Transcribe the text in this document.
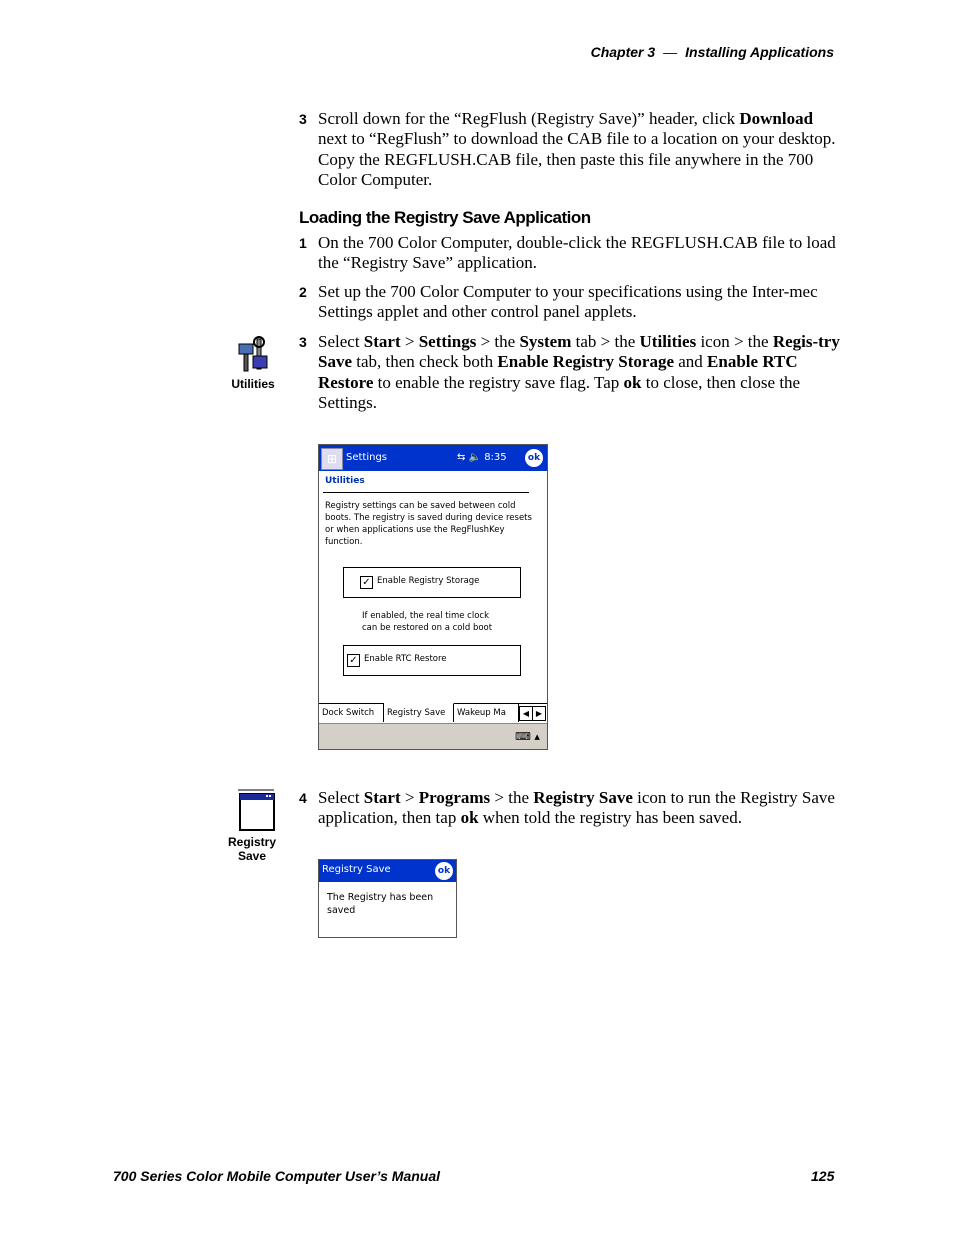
Chapter 3 — Installing Applications
3 Scroll down for the “RegFlush (Registry Save)” header, click Download next to “RegFlush” to download the CAB file to a location on your desktop. Copy the REGFLUSH.CAB file, then paste this file anywhere in the 700 Color Computer.
Loading the Registry Save Application
1 On the 700 Color Computer, double-click the REGFLUSH.CAB file to load the “Registry Save” application.
2 Set up the 700 Color Computer to your specifications using the Inter-mec Settings applet and other control panel applets.
3 Select Start > Settings > the System tab > the Utilities icon > the Regis-try Save tab, then check both Enable Registry Storage and Enable RTC Restore to enable the registry save flag. Tap ok to close, then close the Settings.
Utilities
⊞ Settings	⇆ 🔈 8:35	ok
Utilities
Registry settings can be saved between cold boots. The registry is saved during device resets or when applications use the RegFlushKey function.
✓ Enable Registry Storage
If enabled, the real time clock
can be restored on a cold boot
✓ Enable RTC Restore
Dock Switch	Registry Save	Wakeup Ma	◀ ▶
⌨ ▴
4 Select Start > Programs > the Registry Save icon to run the Registry Save application, then tap ok when told the registry has been saved.
Registry
Save
Registry Save	ok
The Registry has been saved
700 Series Color Mobile Computer User’s Manual	125
